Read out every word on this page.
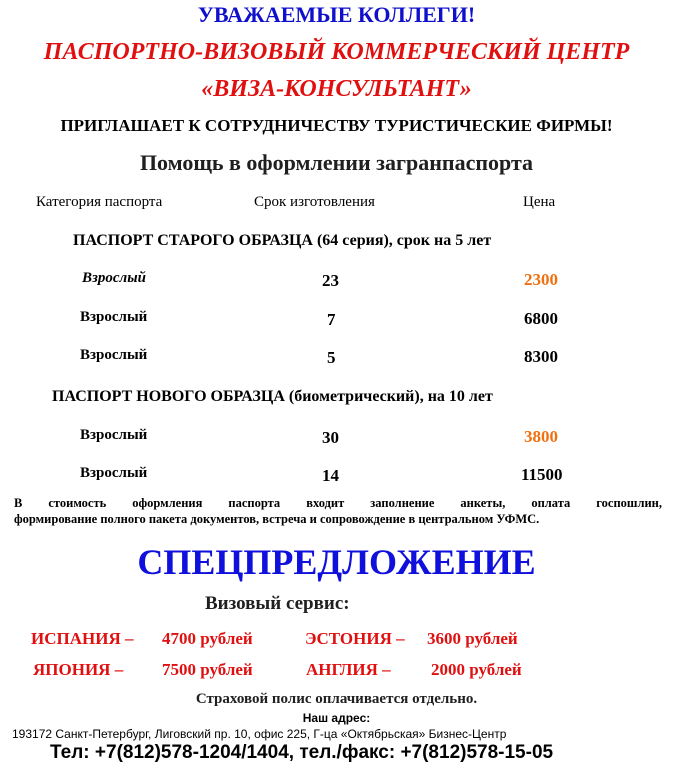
УВАЖАЕМЫЕ КОЛЛЕГИ!
ПАСПОРТНО-ВИЗОВЫЙ КОММЕРЧЕСКИЙ ЦЕНТР
«ВИЗА-КОНСУЛЬТАНТ»
ПРИГЛАШАЕТ К СОТРУДНИЧЕСТВУ ТУРИСТИЧЕСКИЕ ФИРМЫ!
Помощь в оформлении загранпаспорта
Категория паспорта	Срок изготовления	Цена
ПАСПОРТ СТАРОГО ОБРАЗЦА (64 серия), срок на 5 лет
Взрослый	23	2300
Взрослый	7	6800
Взрослый	5	8300
ПАСПОРТ НОВОГО ОБРАЗЦА (биометрический), на 10 лет
Взрослый	30	3800
Взрослый	14	11500
В стоимость оформления паспорта входит заполнение анкеты, оплата госпошлин,
формирование полного пакета документов, встреча и сопровождение в центральном УФМС.
СПЕЦПРЕДЛОЖЕНИЕ
Визовый сервис:
ИСПАНИЯ – 4700 рублей	ЭСТОНИЯ – 3600 рублей
ЯПОНИЯ – 7500 рублей	АНГЛИЯ – 2000 рублей
Страховой полис оплачивается отдельно.
Наш адрес:
193172 Санкт-Петербург, Лиговский пр. 10, офис 225, Г-ца «Октябрьская» Бизнес-Центр
Тел: +7(812)578-1204/1404, тел./факс: +7(812)578-15-05
